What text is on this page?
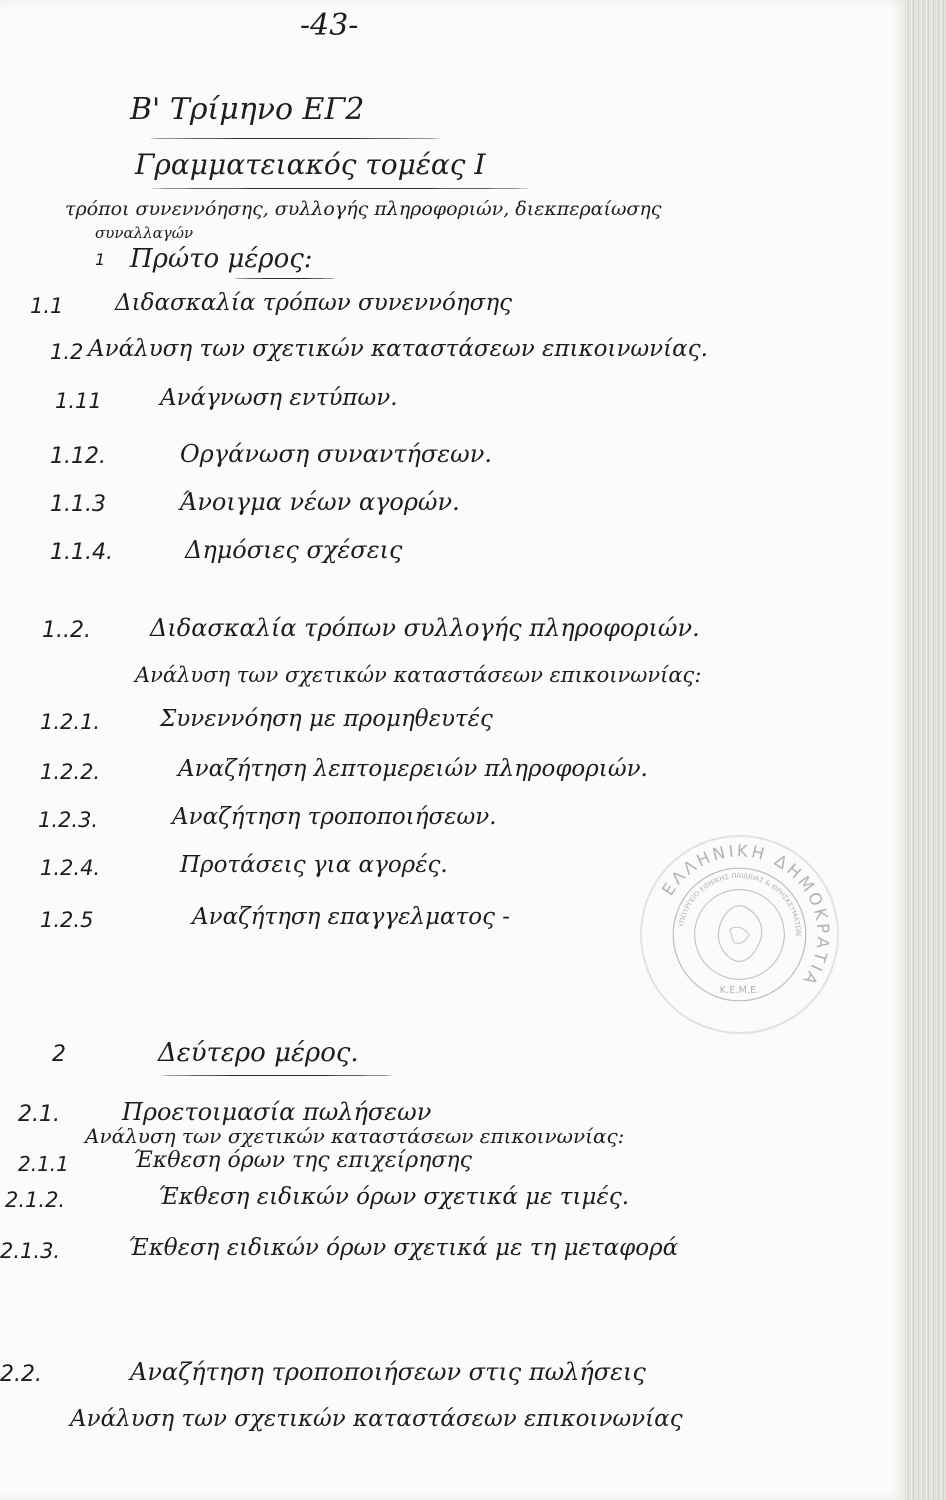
-43-
Β' Τρίμηνο ΕΓ2
Γραμματειακός τομέας Ι
τρόποι συνεννόησης, συλλογής πληροφοριών, διεκπεραίωσης
συναλλαγών
1 Πρώτο μέρος:
1.1 Διδασκαλία τρόπων συνεννόησης
1.2 Ανάλυση των σχετικών καταστάσεων επικοινωνίας.
1.11	Ανάγνωση εντύπων.
1.12.	Οργάνωση συναντήσεων.
1.1.3	Άνοιγμα νέων αγορών.
1.1.4.	Δημόσιες σχέσεις
1..2. Διδασκαλία τρόπων συλλογής πληροφοριών.
Ανάλυση των σχετικών καταστάσεων επικοινωνίας:
1.2.1.	Συνεννόηση με προμηθευτές
1.2.2.	Αναζήτηση λεπτομερειών πληροφοριών.
1.2.3.	Αναζήτηση τροποποιήσεων.
1.2.4.	Προτάσεις για αγορές.
1.2.5	Αναζήτηση επαγγελματος -
2	Δεύτερο μέρος.
2.1.	Προετοιμασία πωλήσεων
Ανάλυση των σχετικών καταστάσεων επικοινωνίας:
2.1.1	Έκθεση όρων της επιχείρησης
2.1.2.	Έκθεση ειδικών όρων σχετικά με τιμές.
2.1.3.	Έκθεση ειδικών όρων σχετικά με τη μεταφορά
2.2.	Αναζήτηση τροποποιήσεων στις πωλήσεις
Ανάλυση των σχετικών καταστάσεων επικοινωνίας
ΕΛΛΗΝΙΚΗ ΔΗΜΟΚΡΑΤΙΑ
ΥΠΟΥΡΓΕΙΟ ΕΘΝΙΚΗΣ ΠΑΙΔΕΙΑΣ & ΘΡΗΣΚΕΥΜΑΤΩΝ
Κ.Ε.Μ.Ε.
